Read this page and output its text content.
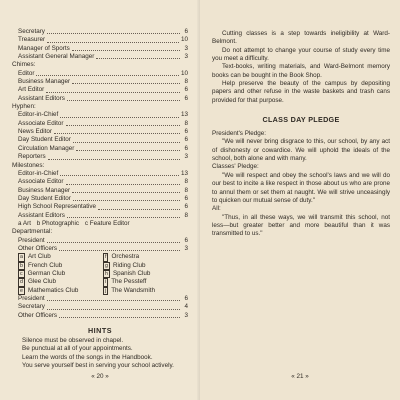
Secretary	6
Treasurer	10
Manager of Sports	3
Assistant General Manager	3
Chimes:
Editor	10
Business Manager	8
Art Editor	6
Assistant Editors	6
Hyphen:
Editor-in-Chief	13
Associate Editor	8
News Editor	6
Day Student Editor	6
Circulation Manager	6
Reporters	3
Milestones:
Editor-in-Chief	13
Associate Editor	8
Business Manager	8
Day Student Editor	6
High School Representative	6
Assistant Editors	8
a Art b Photographic c Feature Editor
Departmental:
President	6
Other Officers	3
a Art Club	f Orchestra
b French Club	g Riding Club
c German Club	h Spanish Club
d Glee Club	i The Pessteff
e Mathematics Club	j The Wandsmith
President	6
Secretary	4
Other Officers	3
HINTS

Silence must be observed in chapel.

Be punctual at all of your appointments.

Learn the words of the songs in the Handbook.

You serve yourself best in serving your school actively.

« 20 »

Cutting classes is a step towards ineligibility at Ward-Belmont.

Do not attempt to change your course of study every time you meet a difficulty.

Text-books, writing materials, and Ward-Belmont memory books can be bought in the Book Shop.

Help preserve the beauty of the campus by depositing papers and other refuse in the waste baskets and trash cans provided for that purpose.

CLASS DAY PLEDGE

President's Pledge:

"We will never bring disgrace to this, our school, by any act of dishonesty or cowardice. We will uphold the ideals of the school, both alone and with many.

Classes' Pledge:

"We will respect and obey the school's laws and we will do our best to incite a like respect in those about us who are prone to annul them or set them at naught. We will strive unceasingly to quicken our mutual sense of duty."

All:

"Thus, in all these ways, we will transmit this school, not less—but greater better and more beautiful than it was transmitted to us."

« 21 »
